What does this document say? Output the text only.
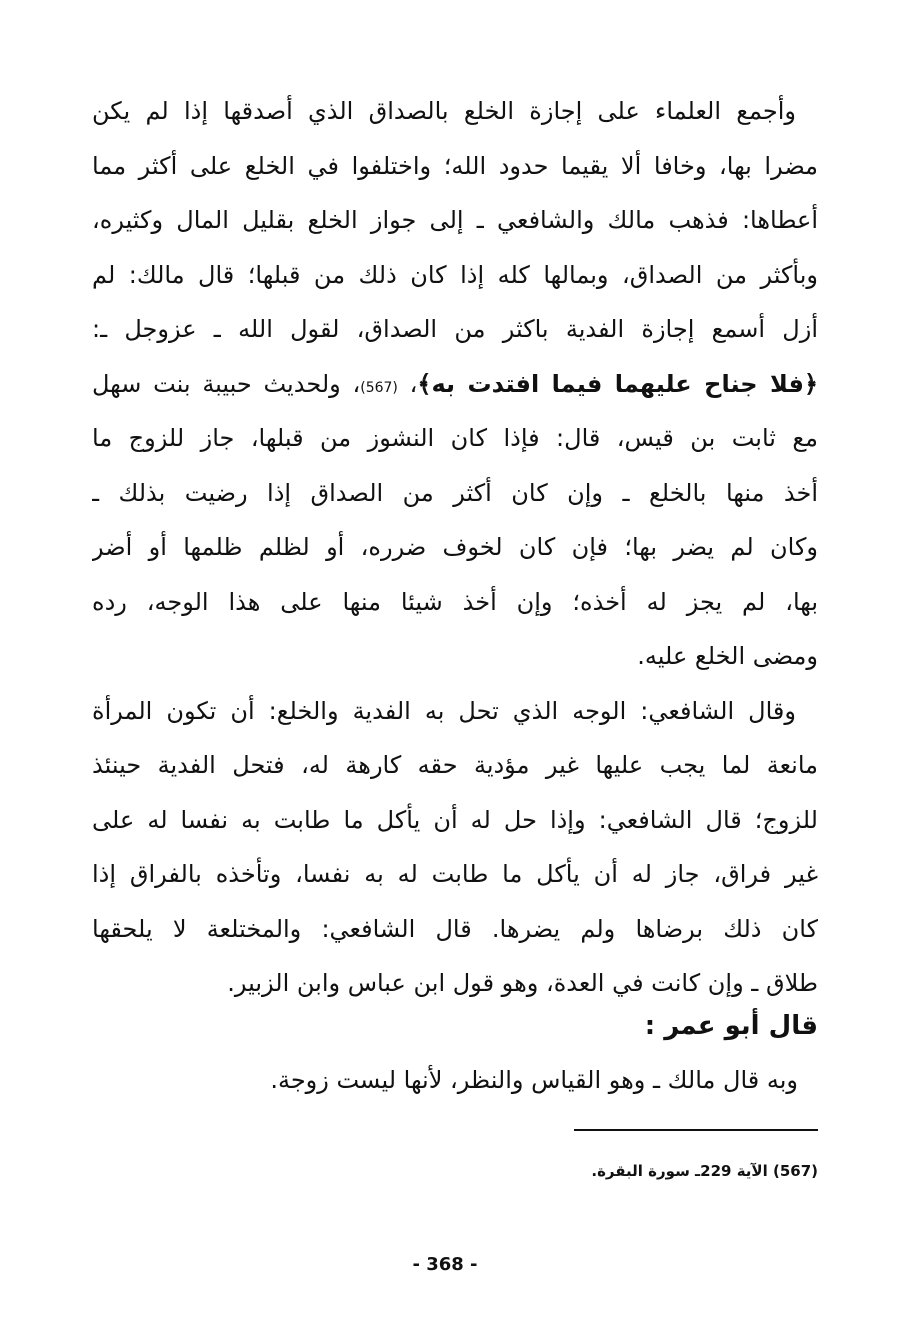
وأجمع العلماء على إجازة الخلع بالصداق الذي أصدقها إذا لم يكن
مضرا بها، وخافا ألا يقيما حدود الله؛ واختلفوا في الخلع على أكثر مما
أعطاها: فذهب مالك والشافعي ـ إلى جواز الخلع بقليل المال وكثيره،
وبأكثر من الصداق، وبمالها كله إذا كان ذلك من قبلها؛ قال مالك: لم
أزل أسمع إجازة الفدية باكثر من الصداق، لقول الله ـ عزوجل ـ:
﴿فلا جناح عليهما فيما افتدت به﴾، (567)، ولحديث حبيبة بنت سهل
مع ثابت بن قيس، قال: فإذا كان النشوز من قبلها، جاز للزوج ما
أخذ منها بالخلع ـ وإن كان أكثر من الصداق إذا رضيت بذلك ـ
وكان لم يضر بها؛ فإن كان لخوف ضرره، أو لظلم ظلمها أو أضر
بها، لم يجز له أخذه؛ وإن أخذ شيئا منها على هذا الوجه، رده
ومضى الخلع عليه.
وقال الشافعي: الوجه الذي تحل به الفدية والخلع: أن تكون المرأة
مانعة لما يجب عليها غير مؤدية حقه كارهة له، فتحل الفدية حينئذ
للزوج؛ قال الشافعي: وإذا حل له أن يأكل ما طابت به نفسا له على
غير فراق، جاز له أن يأكل ما طابت له به نفسا، وتأخذه بالفراق إذا
كان ذلك برضاها ولم يضرها. قال الشافعي: والمختلعة لا يلحقها
طلاق ـ وإن كانت في العدة، وهو قول ابن عباس وابن الزبير.
قال أبو عمر :
وبه قال مالك ـ وهو القياس والنظر، لأنها ليست زوجة.
(567) الآية 229ـ سورة البقرة.
- 368 -
